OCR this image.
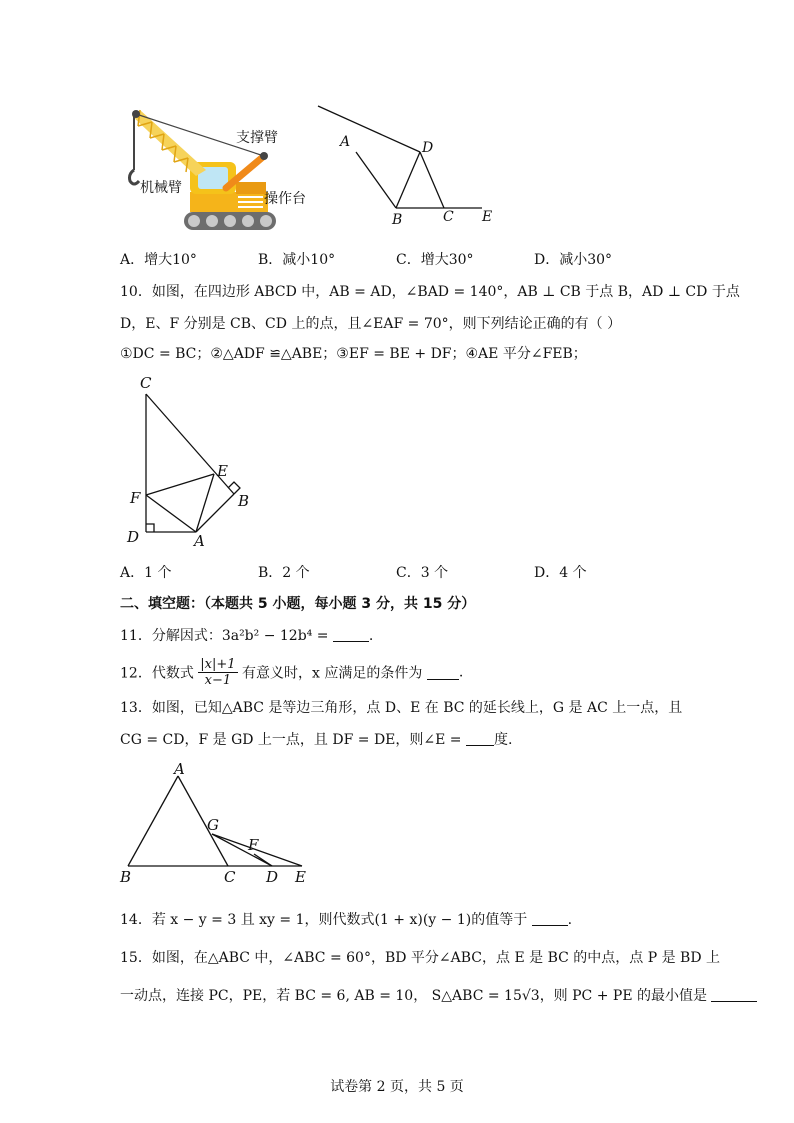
机械臂
支撑臂
操作台
A	D
B	C E
A．增大10°	B．减小10°	C．增大30°	D．减小30°
10．如图，在四边形 ABCD 中，AB = AD，∠BAD = 140°，AB ⊥ CB 于点 B，AD ⊥ CD 于点
D，E、F 分别是 CB、CD 上的点，且∠EAF = 70°，则下列结论正确的有（ ）
①DC = BC；②△ADF ≌△ABE；③EF = BE + DF；④AE 平分∠FEB；
C
E
F	B
D	A
A．1 个	B．2 个	C．3 个	D．4 个
二、填空题：（本题共 5 小题，每小题 3 分，共 15 分）
11．分解因式：3a²b² − 12b⁴ =	.
12．代数式 $\frac{|x|+1}{x-1}$ 有意义时，x 应满足的条件为	.
13．如图，已知△ABC 是等边三角形，点 D、E 在 BC 的延长线上，G 是 AC 上一点，且
CG = CD，F 是 GD 上一点，且 DF = DE，则∠E = 度.
A
G
F
B	C D E
14．若 x − y = 3 且 xy = 1，则代数式(1 + x)(y − 1)的值等于	.
15．如图，在△ABC 中，∠ABC = 60°，BD 平分∠ABC，点 E 是 BC 的中点，点 P 是 BD 上
一动点，连接 PC，PE，若 BC = 6, AB = 10， S△ABC = 15√3，则 PC + PE 的最小值是
试卷第 2 页，共 5 页
